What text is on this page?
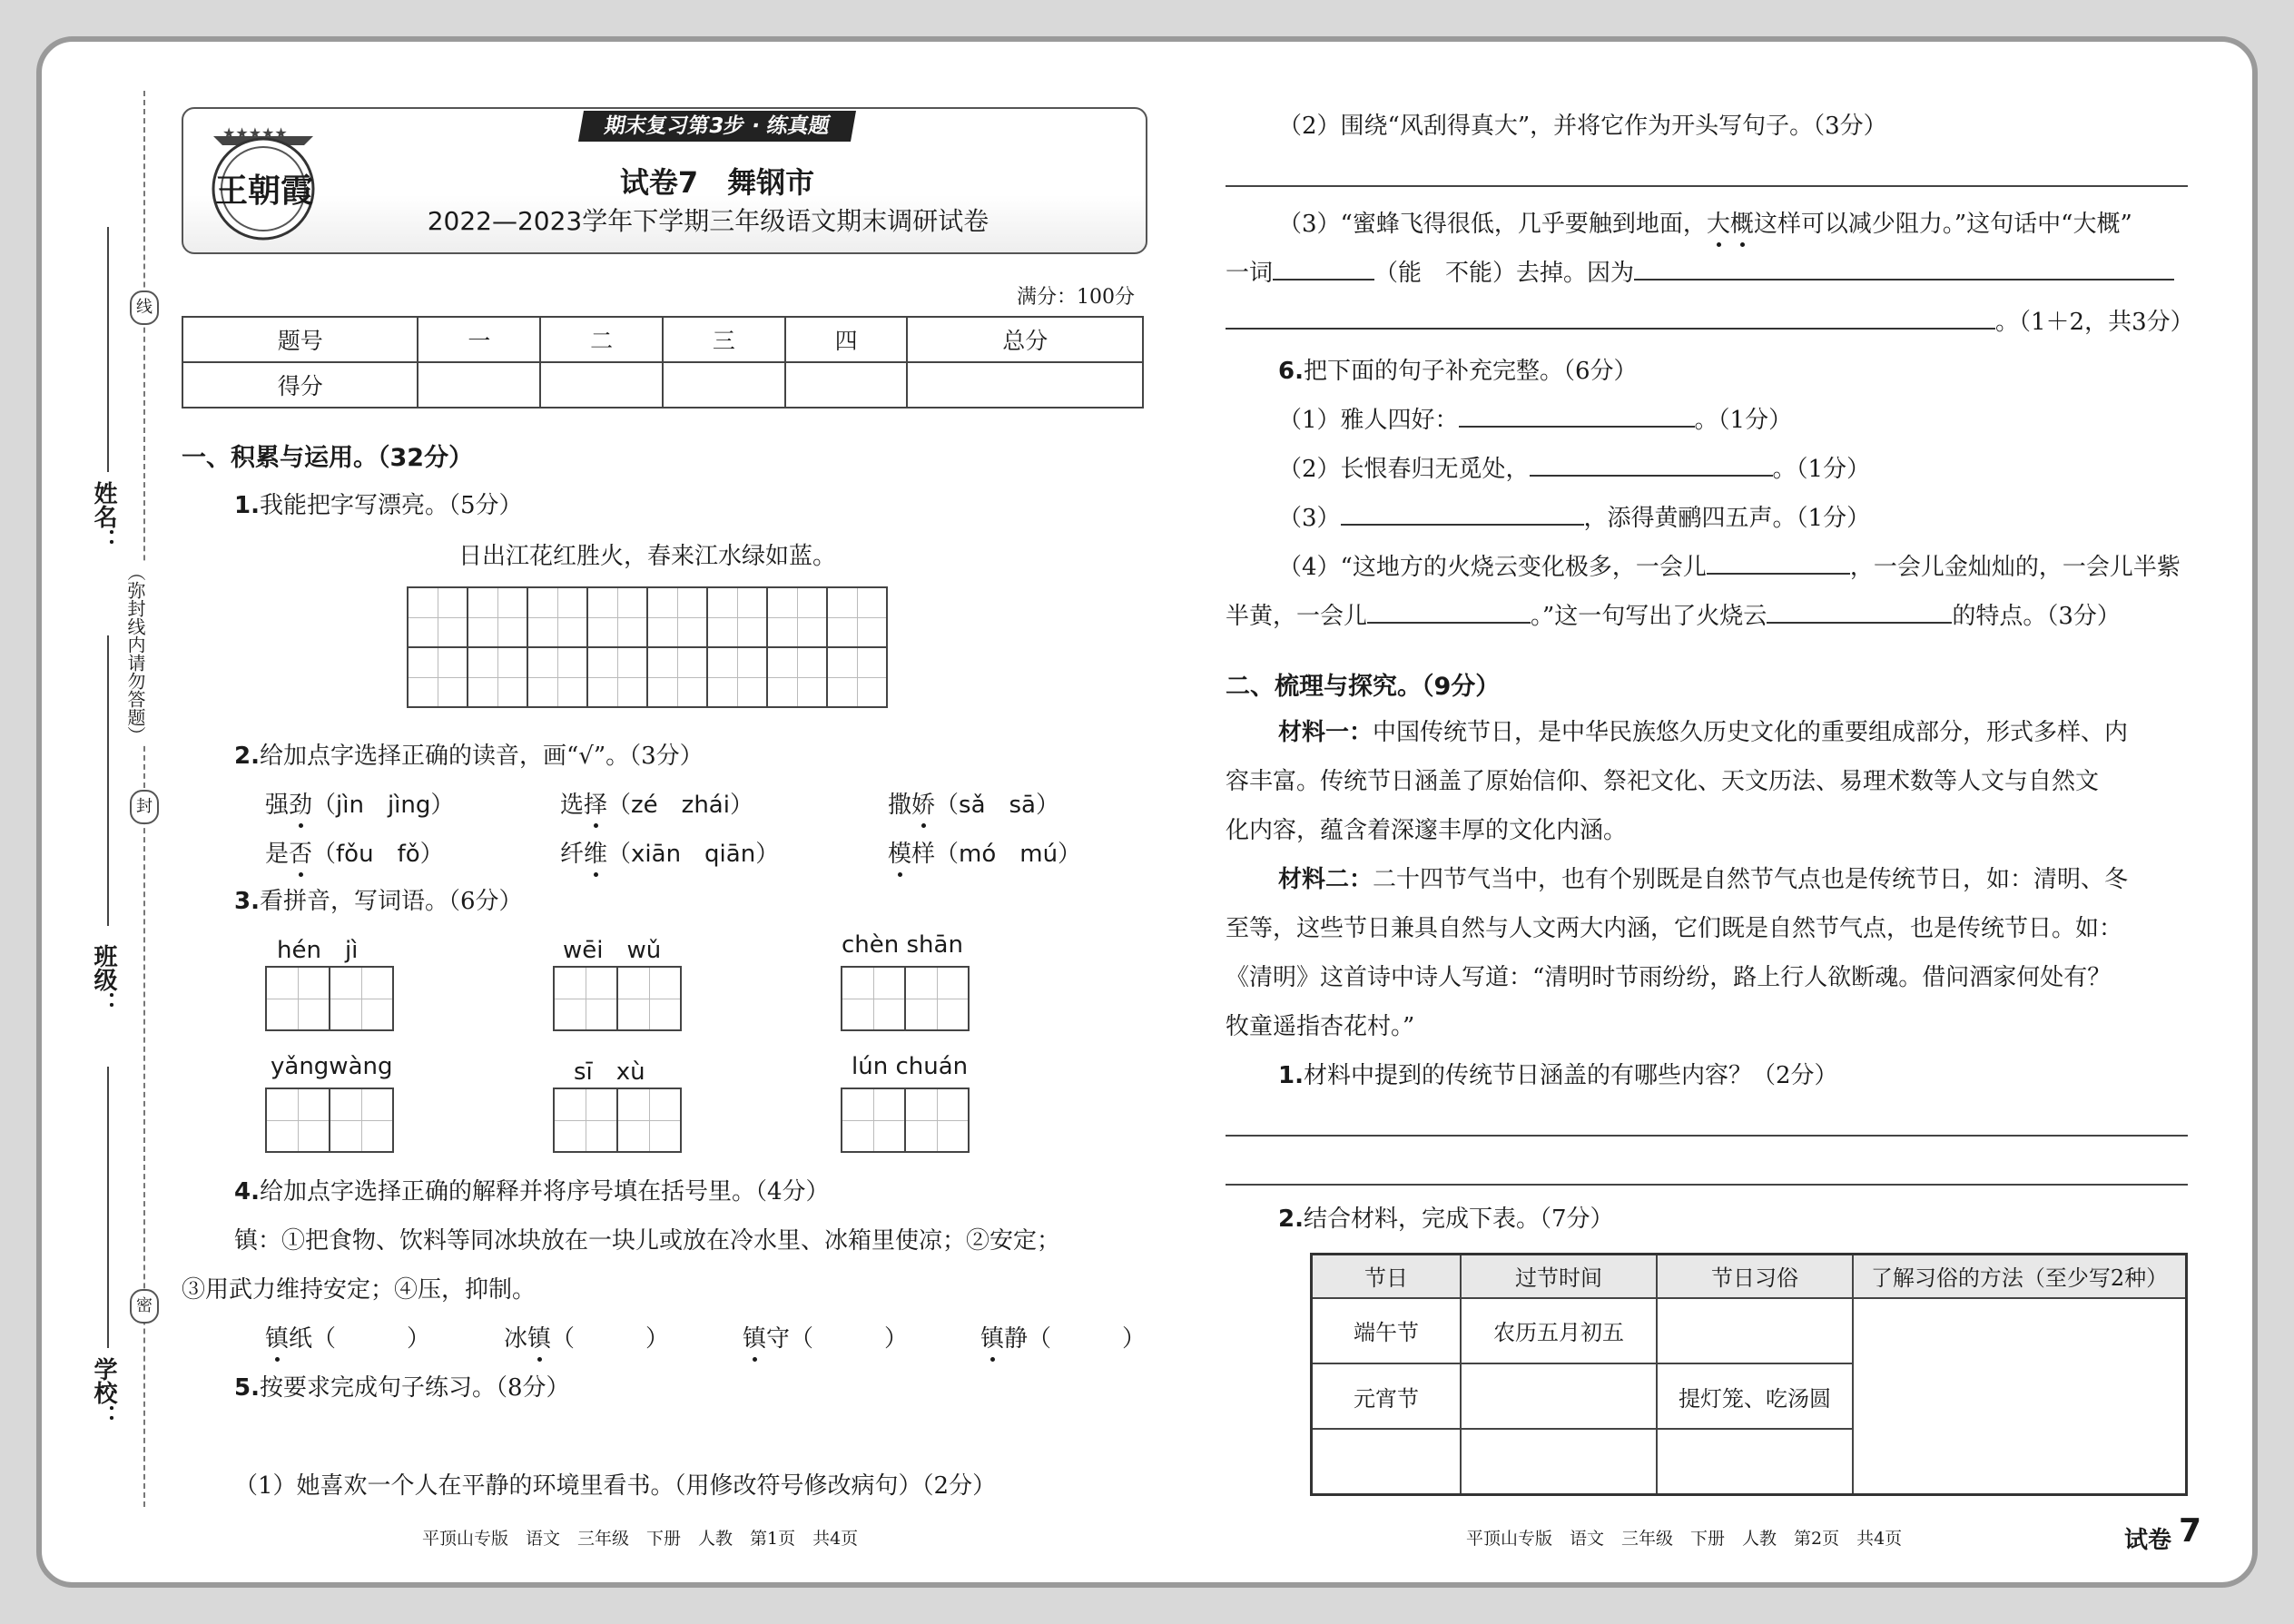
姓名：
班级：
学校：
线
封
密
（弥封线内请勿答题）
★★★★★
王朝霞
期末复习第3步 · 练真题
试卷7　舞钢市
2022—2023学年下学期三年级语文期末调研试卷
满分：100分
题号	一	二	三	四	总分
得分					
一、积累与运用。（32分）
1.我能把字写漂亮。（5分）
日出江花红胜火，春来江水绿如蓝。
2.给加点字选择正确的读音，画“√”。（3分）
强劲（jìn　jìng）	选择（zé　zhái）	撒娇（sǎ　sā）
是否（fǒu　fǒ）	纤维（xiān　qiān）	模样（mó　mú）
3.看拼音，写词语。（6分）
hén　jì	wēi　wǔ	chèn shān
yǎngwàng	sī　xù	lún chuán
4.给加点字选择正确的解释并将序号填在括号里。（4分）
镇：①把食物、饮料等同冰块放在一块儿或放在冷水里、冰箱里使凉；②安定；
③用武力维持安定；④压，抑制。
镇纸（　　　）	冰镇（　　　）	镇守（　　　）	镇静（　　　）
5.按要求完成句子练习。（8分）
（1）她喜欢一个人在平静的环境里看书。（用修改符号修改病句）（2分）
（2）围绕“风刮得真大”，并将它作为开头写句子。（3分）
（3）“蜜蜂飞得很低，几乎要触到地面，大概这样可以减少阻力。”这句话中“大概”
一词	（能　不能）去掉。因为
。（1＋2，共3分）
6.把下面的句子补充完整。（6分）
（1）雅人四好：	。（1分）
（2）长恨春归无觅处，	。（1分）
（3）	，添得黄鹂四五声。（1分）
（4）“这地方的火烧云变化极多，一会儿	，一会儿金灿灿的，一会儿半紫
半黄，一会儿	。”这一句写出了火烧云	的特点。（3分）
二、梳理与探究。（9分）
材料一：中国传统节日，是中华民族悠久历史文化的重要组成部分，形式多样、内
容丰富。传统节日涵盖了原始信仰、祭祀文化、天文历法、易理术数等人文与自然文
化内容，蕴含着深邃丰厚的文化内涵。
材料二：二十四节气当中，也有个别既是自然节气点也是传统节日，如：清明、冬
至等，这些节日兼具自然与人文两大内涵，它们既是自然节气点，也是传统节日。如：
《清明》这首诗中诗人写道：“清明时节雨纷纷，路上行人欲断魂。借问酒家何处有？
牧童遥指杏花村。”
1.材料中提到的传统节日涵盖的有哪些内容？（2分）
2.结合材料，完成下表。（7分）
节日	过节时间	节日习俗	了解习俗的方法（至少写2种）
端午节	农历五月初五		
元宵节		提灯笼、吃汤圆	

平顶山专版　语文　三年级　下册　人教　第1页　共4页	平顶山专版　语文　三年级　下册　人教　第2页　共4页	试卷 7
